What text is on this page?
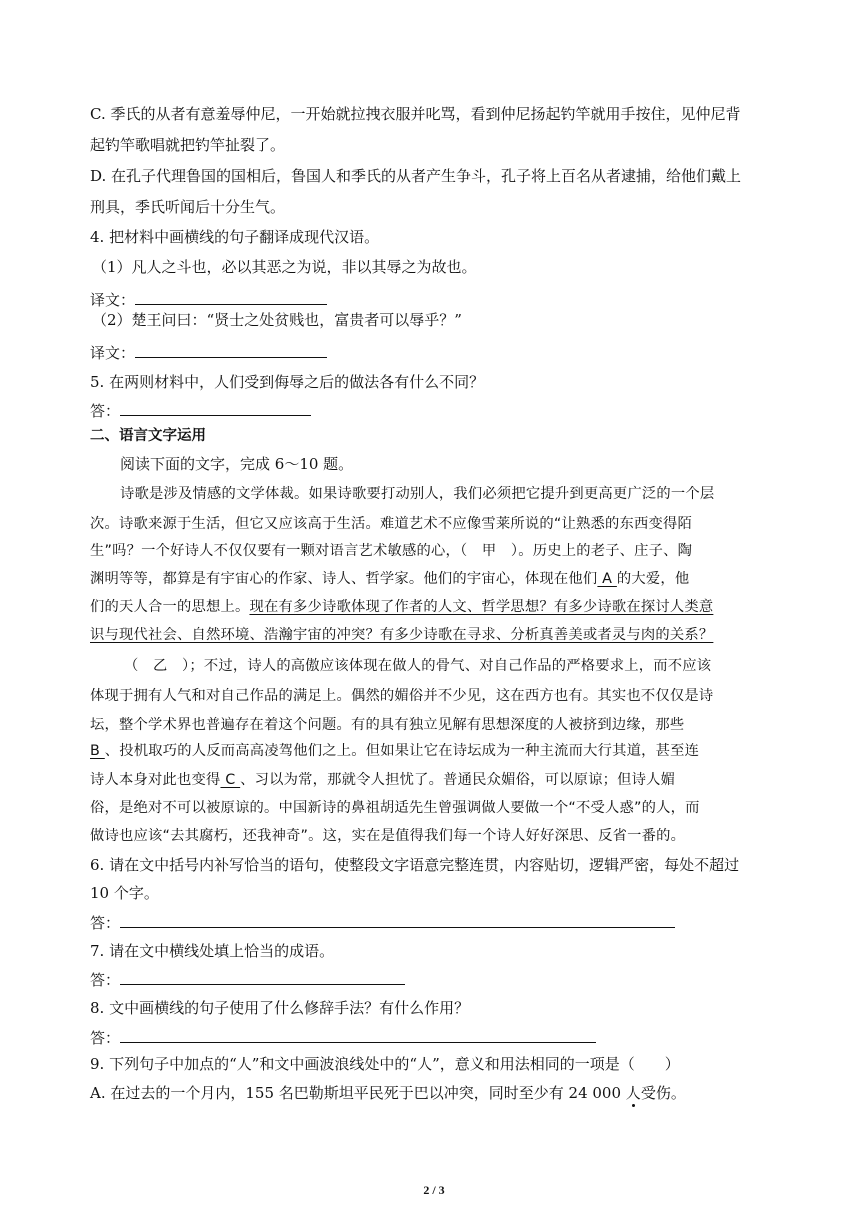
C. 季氏的从者有意羞辱仲尼，一开始就拉拽衣服并叱骂，看到仲尼扬起钓竿就用手按住，见仲尼背
起钓竿歌唱就把钓竿扯裂了。
D. 在孔子代理鲁国的国相后，鲁国人和季氏的从者产生争斗，孔子将上百名从者逮捕，给他们戴上
刑具，季氏听闻后十分生气。
4. 把材料中画横线的句子翻译成现代汉语。
（1）凡人之斗也，必以其恶之为说，非以其辱之为故也。
译文：
（2）楚王问曰：“贤士之处贫贱也，富贵者可以辱乎？”
译文：
5. 在两则材料中，人们受到侮辱之后的做法各有什么不同？
答：
二、语言文字运用
阅读下面的文字，完成 6～10 题。
诗歌是涉及情感的文学体裁。如果诗歌要打动别人，我们必须把它提升到更高更广泛的一个层
次。诗歌来源于生活，但它又应该高于生活。难道艺术不应像雪莱所说的“让熟悉的东西变得陌
生”吗？一个好诗人不仅仅要有一颗对语言艺术敏感的心，（　甲　）。历史上的老子、庄子、陶
渊明等等，都算是有宇宙心的作家、诗人、哲学家。他们的宇宙心，体现在他们 A 的大爱，他
们的天人合一的思想上。现在有多少诗歌体现了作者的人文、哲学思想？有多少诗歌在探讨人类意
识与现代社会、自然环境、浩瀚宇宙的冲突？有多少诗歌在寻求、分析真善美或者灵与肉的关系？
（　乙　）；不过，诗人的高傲应该体现在做人的骨气、对自己作品的严格要求上，而不应该
体现于拥有人气和对自己作品的满足上。偶然的媚俗并不少见，这在西方也有。其实也不仅仅是诗
坛，整个学术界也普遍存在着这个问题。有的具有独立见解有思想深度的人被挤到边缘，那些
B 、投机取巧的人反而高高凌驾他们之上。但如果让它在诗坛成为一种主流而大行其道，甚至连
诗人本身对此也变得 C 、习以为常，那就令人担忧了。普通民众媚俗，可以原谅；但诗人媚
俗，是绝对不可以被原谅的。中国新诗的鼻祖胡适先生曾强调做人要做一个“不受人惑”的人，而
做诗也应该“去其腐朽，还我神奇”。这，实在是值得我们每一个诗人好好深思、反省一番的。
6. 请在文中括号内补写恰当的语句，使整段文字语意完整连贯，内容贴切，逻辑严密，每处不超过
10 个字。
答：
7. 请在文中横线处填上恰当的成语。
答：
8. 文中画横线的句子使用了什么修辞手法？有什么作用？
答：
9. 下列句子中加点的“人”和文中画波浪线处中的“人”，意义和用法相同的一项是（　　）
A. 在过去的一个月内，155 名巴勒斯坦平民死于巴以冲突，同时至少有 24 000 人受伤。
2 / 3
